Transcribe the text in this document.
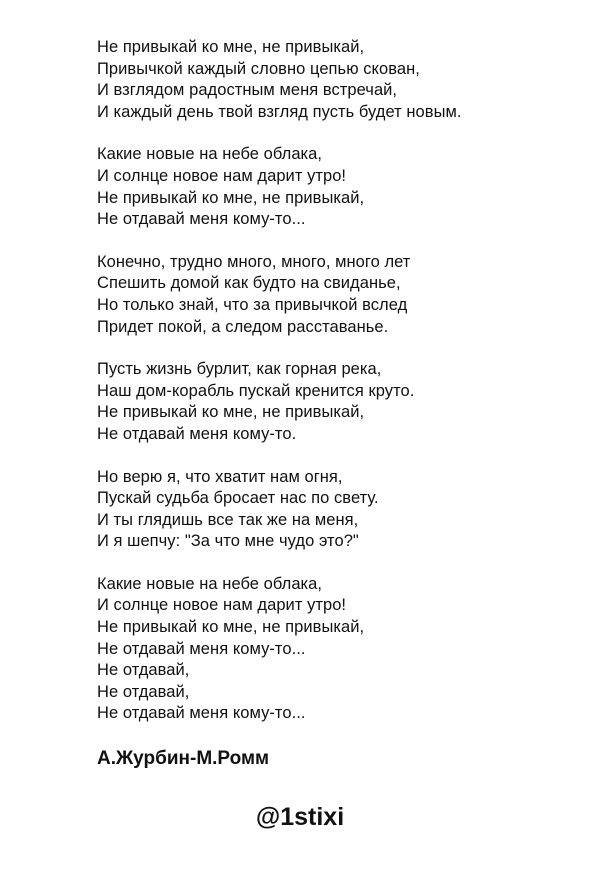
Не привыкай ко мне, не привыкай,
Привычкой каждый словно цепью скован,
И взглядом радостным меня встречай,
И каждый день твой взгляд пусть будет новым.
Какие новые на небе облака,
И солнце новое нам дарит утро!
Не привыкай ко мне, не привыкай,
Не отдавай меня кому-то...
Конечно, трудно много, много, много лет
Спешить домой как будто на свиданье,
Но только знай, что за привычкой вслед
Придет покой, а следом расставанье.
Пусть жизнь бурлит, как горная река,
Наш дом-корабль пускай кренится круто.
Не привыкай ко мне, не привыкай,
Не отдавай меня кому-то.
Но верю я, что хватит нам огня,
Пускай судьба бросает нас по свету.
И ты глядишь все так же на меня,
И я шепчу: "За что мне чудо это?"
Какие новые на небе облака,
И солнце новое нам дарит утро!
Не привыкай ко мне, не привыкай,
Не отдавай меня кому-то...
Не отдавай,
Не отдавай,
Не отдавай меня кому-то...
А.Журбин-М.Ромм
@1stixi
